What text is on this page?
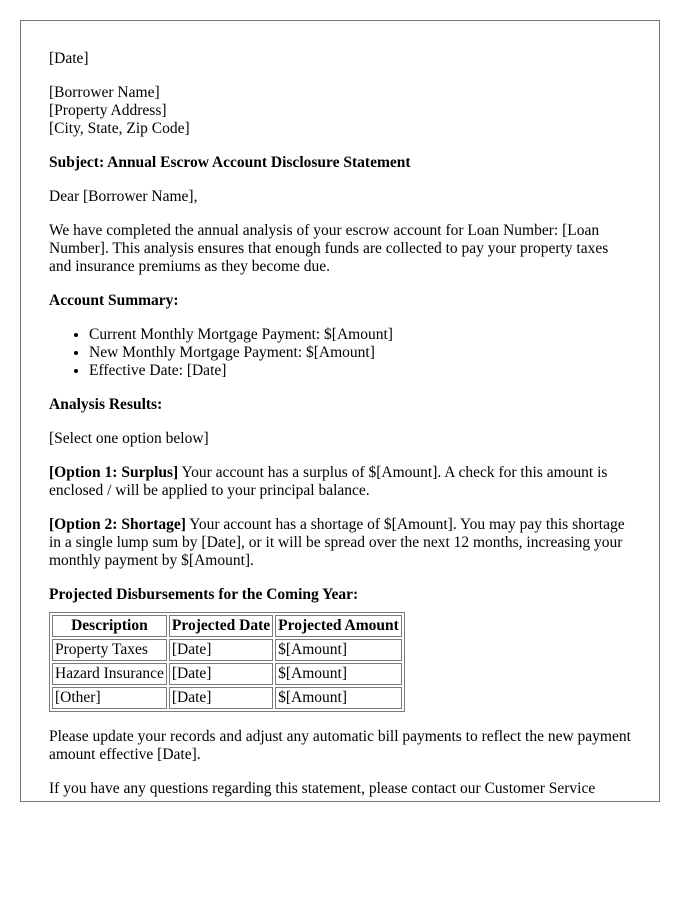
[Date]

[Borrower Name]
[Property Address]
[City, State, Zip Code]

Subject: Annual Escrow Account Disclosure Statement

Dear [Borrower Name],

We have completed the annual analysis of your escrow account for Loan Number: [Loan Number]. This analysis ensures that enough funds are collected to pay your property taxes and insurance premiums as they become due.

Account Summary:

• Current Monthly Mortgage Payment: $[Amount]
• New Monthly Mortgage Payment: $[Amount]
• Effective Date: [Date]

Analysis Results:

[Select one option below]

[Option 1: Surplus] Your account has a surplus of $[Amount]. A check for this amount is enclosed / will be applied to your principal balance.

[Option 2: Shortage] Your account has a shortage of $[Amount]. You may pay this shortage in a single lump sum by [Date], or it will be spread over the next 12 months, increasing your monthly payment by $[Amount].

Projected Disbursements for the Coming Year:

Description	Projected Date	Projected Amount
Property Taxes	[Date]	$[Amount]
Hazard Insurance	[Date]	$[Amount]
[Other]	[Date]	$[Amount]

Please update your records and adjust any automatic bill payments to reflect the new payment amount effective [Date].

If you have any questions regarding this statement, please contact our Customer Service
